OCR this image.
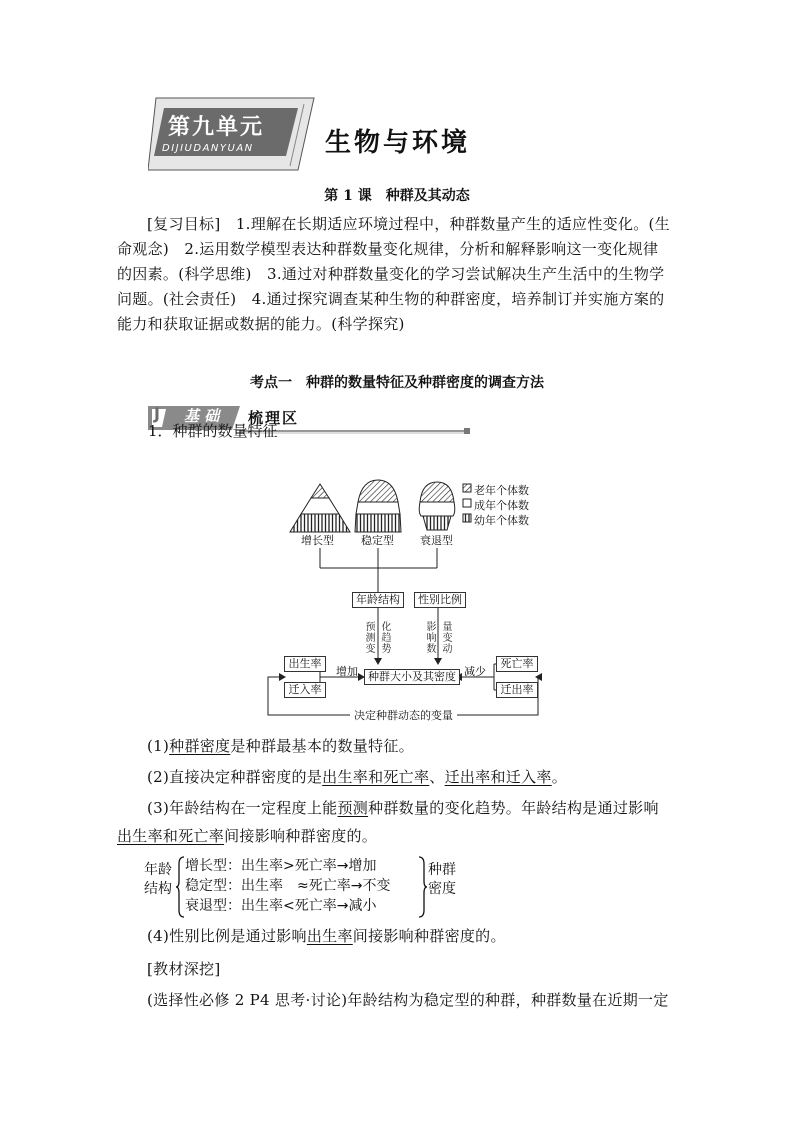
第九单元
DIJIUDANYUAN	生物与环境
第 1 课　种群及其动态
[复习目标]　 1.理解在长期适应环境过程中，种群数量产生的适应性变化。(生
命观念)　2.运用数学模型表达种群数量变化规律，分析和解释影响这一变化规律
的因素。(科学思维)　3.通过对种群数量变化的学习尝试解决生产生活中的生物学
问题。(社会责任)　4.通过探究调查某种生物的种群密度，培养制订并实施方案的
能力和获取证据或数据的能力。(科学探究)
考点一　种群的数量特征及种群密度的调查方法
J 基 础 梳理区
1．种群的数量特征
增长型 稳定型 衰退型
老年个体数
成年个体数
幼年个体数
年龄结构	性别比例
预
测
变
化
趋
势
影
响
数
量
变
动
出生率
迁入率
死亡率
迁出率
种群大小及其密度
增加	减少
决定种群动态的变量
(1)种群密度是种群最基本的数量特征。
(2)直接决定种群密度的是出生率和死亡率、迁出率和迁入率。
(3)年龄结构在一定程度上能预测种群数量的变化趋势。年龄结构是通过影响
出生率和死亡率间接影响种群密度的。
年龄
结构
增长型：出生率>死亡率→增加
稳定型：出生率　≈死亡率→不变
衰退型：出生率<死亡率→减小
种群
密度
(4)性别比例是通过影响出生率间接影响种群密度的。
[教材深挖]
(选择性必修 2 P4 思考·讨论)年龄结构为稳定型的种群，种群数量在近期一定
